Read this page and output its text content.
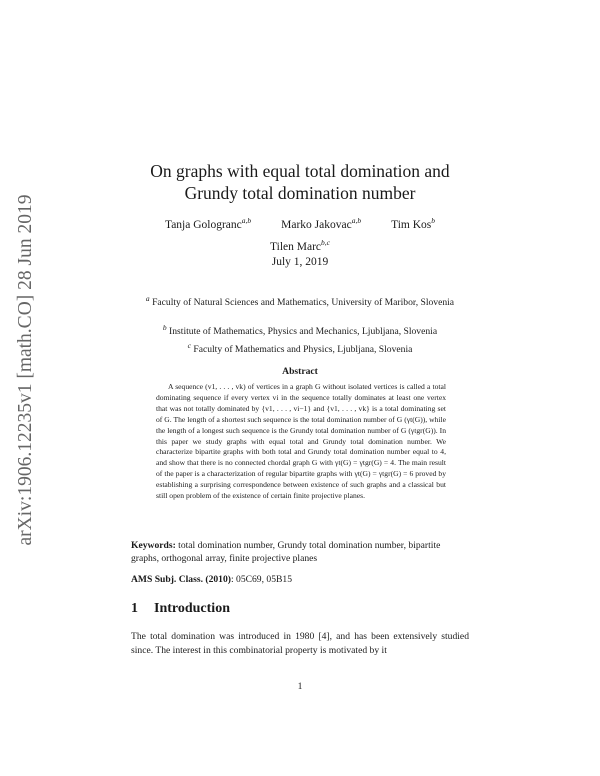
arXiv:1906.12235v1 [math.CO] 28 Jun 2019
On graphs with equal total domination and
Grundy total domination number
Tanja Gologranc$^{a,b}$	Marko Jakovac$^{a,b}$	Tim Kos$^b$
Tilen Marc$^{b,c}$
July 1, 2019
$^a$ Faculty of Natural Sciences and Mathematics, University of Maribor, Slovenia
$^b$ Institute of Mathematics, Physics and Mechanics, Ljubljana, Slovenia
$^c$ Faculty of Mathematics and Physics, Ljubljana, Slovenia
Abstract
A sequence (v1, . . . , vk) of vertices in a graph G without isolated vertices is called a total dominating sequence if every vertex vi in the sequence totally dominates at least one vertex that was not totally dominated by {v1, . . . , vi−1} and {v1, . . . , vk} is a total dominating set of G. The length of a shortest such sequence is the total domination number of G (γt(G)), while the length of a longest such sequence is the Grundy total domination number of G (γtgr(G)). In this paper we study graphs with equal total and Grundy total domination number. We characterize bipartite graphs with both total and Grundy total domination number equal to 4, and show that there is no connected chordal graph G with γt(G) = γtgr(G) = 4. The main result of the paper is a characterization of regular bipartite graphs with γt(G) = γtgr(G) = 6 proved by establishing a surprising correspondence between existence of such graphs and a classical but still open problem of the existence of certain finite projective planes.
Keywords: total domination number, Grundy total domination number, bipartite graphs, orthogonal array, finite projective planes
AMS Subj. Class. (2010): 05C69, 05B15
1 Introduction
The total domination was introduced in 1980 [4], and has been extensively studied since. The interest in this combinatorial property is motivated by it
1
